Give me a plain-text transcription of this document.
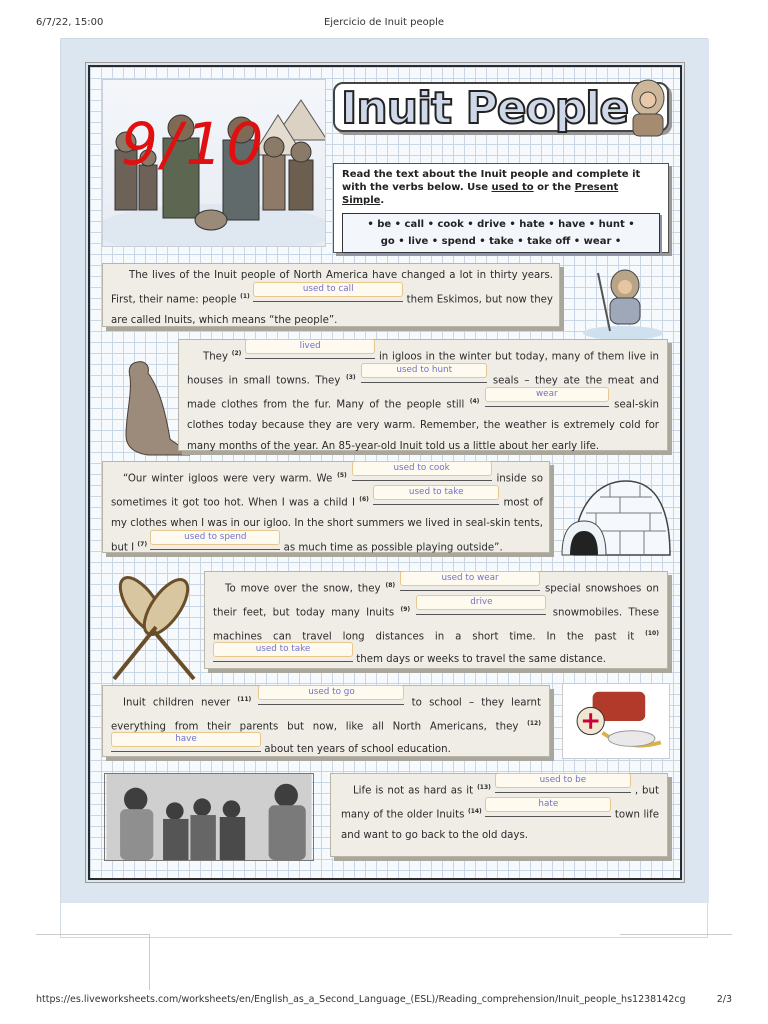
6/7/22, 15:00	Ejercicio de Inuit people
9/10
Inuit People
Read the text about the Inuit people and complete it with the verbs below. Use used to or the Present Simple.
• be • call • cook • drive • hate • have • hunt •
go • live • spend • take • take off • wear •
The lives of the Inuit people of North America have changed a lot in thirty years. First, their name: people $^{(1)}$
used to call
them Eskimos, but now they are called Inuits, which means “the people”.
They $^{(2)}$
lived
in igloos in the winter but today, many of them live in houses in small towns. They $^{(3)}$
used to hunt
seals – they ate the meat and made clothes from the fur. Many of the people still $^{(4)}$
wear
seal-skin clothes today because they are very warm. Remember, the weather is extremely cold for many months of the year. An 85-year-old Inuit told us a little about her early life.
“Our winter igloos were very warm. We $^{(5)}$
used to cook
inside so sometimes it got too hot. When I was a child I $^{(6)}$
used to take
most of my clothes when I was in our igloo. In the short summers we lived in seal-skin tents, but I $^{(7)}$
used to spend
as much time as possible playing outside”.
To move over the snow, they $^{(8)}$
used to wear
special snowshoes on their feet, but today many Inuits $^{(9)}$
drive
snowmobiles. These machines can travel long distances in a short time. In the past it $^{(10)}$
used to take
them days or weeks to travel the same distance.
Inuit children never $^{(11)}$
used to go
to school – they learnt everything from their parents but now, like all North Americans, they $^{(12)}$
have
about ten years of school education.
Life is not as hard as it $^{(13)}$
used to be
, but many of the older Inuits $^{(14)}$
hate
town life and want to go back to the old days.
https://es.liveworksheets.com/worksheets/en/English_as_a_Second_Language_(ESL)/Reading_comprehension/Inuit_people_hs1238142cg	2/3
